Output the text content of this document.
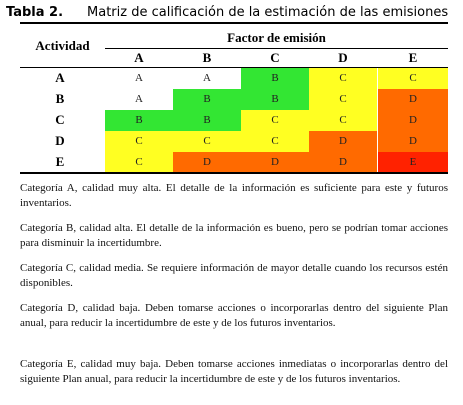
Tabla 2. Matriz de calificación de la estimación de las emisiones
Actividad
Factor de emisión
A	B	C	D	E
A	A	A	B	C	C
B	A	B	B	C	D
C	B	B	C	C	D
D	C	C	C	D	D
E	C	D	D	D	E
Categoría A, calidad muy alta. El detalle de la información es suficiente para este y futuros inventarios.
Categoría B, calidad alta. El detalle de la información es bueno, pero se podrían tomar acciones para disminuir la incertidumbre.
Categoría C, calidad media. Se requiere información de mayor detalle cuando los recursos estén disponibles.
Categoría D, calidad baja. Deben tomarse acciones o incorporarlas dentro del siguiente Plan anual, para reducir la incertidumbre de este y de los futuros inventarios.
Categoría E, calidad muy baja. Deben tomarse acciones inmediatas o incorporarlas dentro del siguiente Plan anual, para reducir la incertidumbre de este y de los futuros inventarios.
